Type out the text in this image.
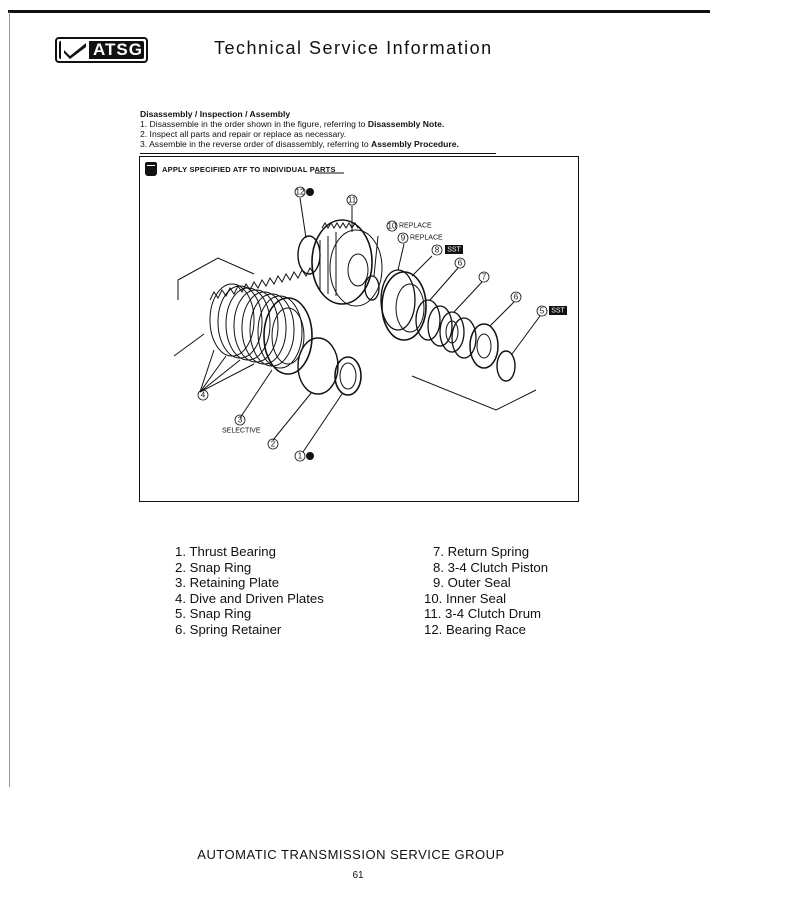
ATSG	Technical Service Information
Disassembly / Inspection / Assembly
1. Disassemble in the order shown in the figure, referring to Disassembly Note.
2. Inspect all parts and repair or replace as necessary.
3. Assemble in the reverse order of disassembly, referring to Assembly Procedure.
APPLY SPECIFIED ATF TO INDIVIDUAL PARTS
12
11
10
9
8
6
7
6
5
4
3
2
1
REPLACE
REPLACE
SST
SST
SELECTIVE
1. Thrust Bearing
2. Snap Ring
3. Retaining Plate
4. Dive and Driven Plates
5. Snap Ring
6. Spring Retainer
7. Return Spring
8. 3-4 Clutch Piston
9. Outer Seal
10. Inner Seal
11. 3-4 Clutch Drum
12. Bearing Race
AUTOMATIC TRANSMISSION SERVICE GROUP
61
